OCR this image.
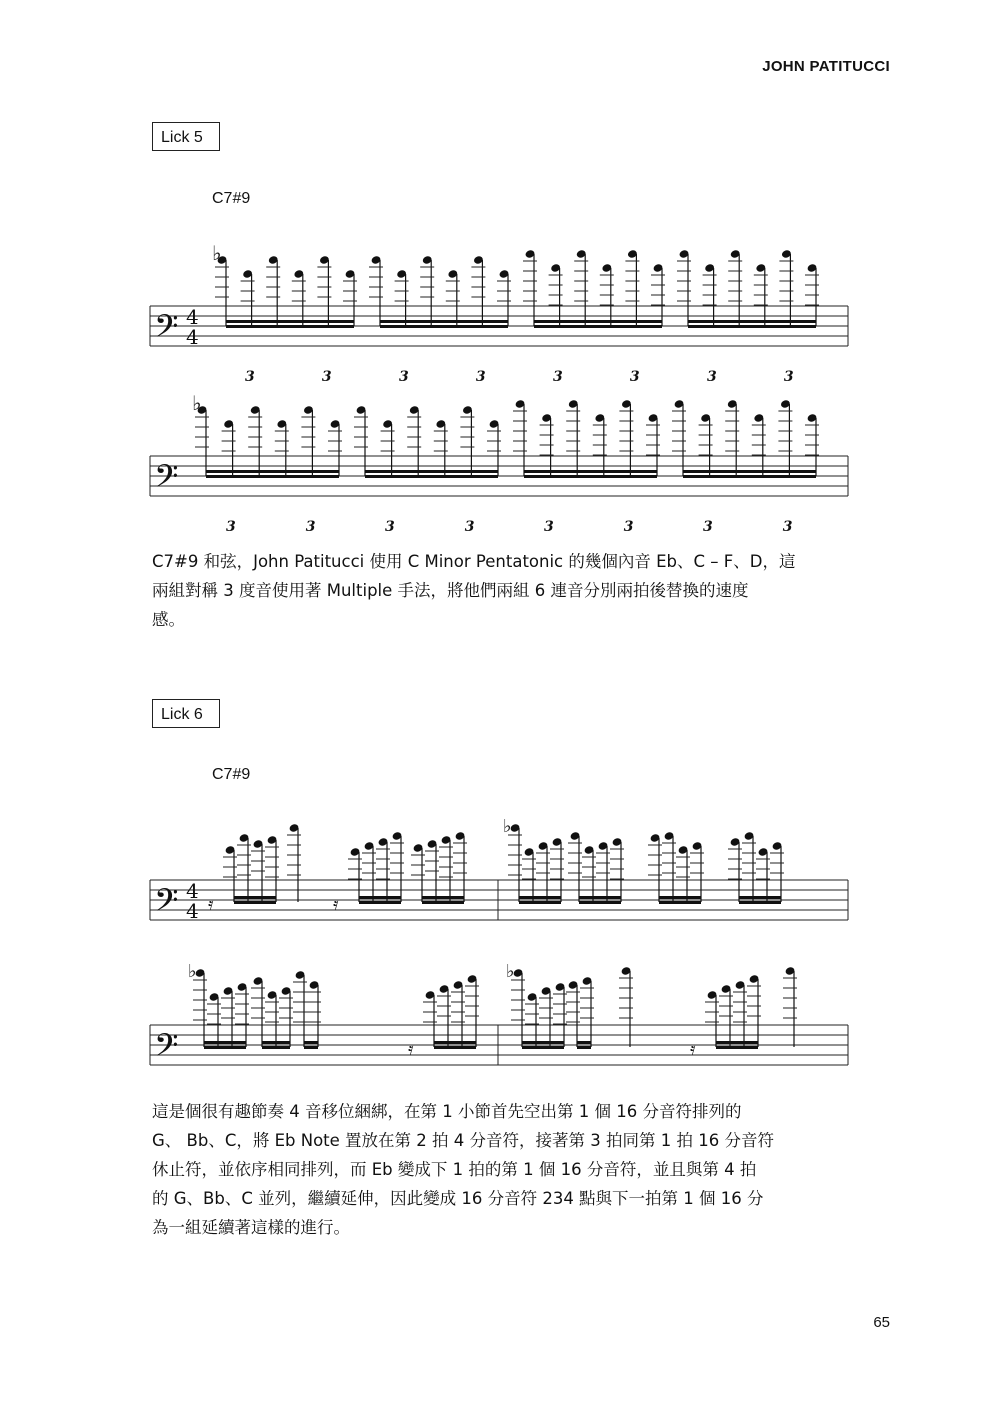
JOHN PATITUCCI
Lick 5
C7#9
𝄢 4
4
3	3
♭
3	3	3	3	3	3
𝄢
3	3
♭
3	3	3	3	3	3
C7#9 和弦，John Patitucci 使用 C Minor Pentatonic 的幾個內音 Eb、C – F、D，這
兩組對稱 3 度音使用著 Multiple 手法，將他們兩組 6 連音分別兩拍後替換的速度
感。
Lick 6
C7#9
𝄢 4
4 𝄿	𝄿
♭
𝄢
♭
𝄿
♭
𝄿
這是個很有趣節奏 4 音移位綑綁，在第 1 小節首先空出第 1 個 16 分音符排列的
G、 Bb、C，將 Eb Note 置放在第 2 拍 4 分音符，接著第 3 拍同第 1 拍 16 分音符
休止符，並依序相同排列，而 Eb 變成下 1 拍的第 1 個 16 分音符，並且與第 4 拍
的 G、Bb、C 並列，繼續延伸，因此變成 16 分音符 234 點與下一拍第 1 個 16 分
為一組延續著這樣的進行。
65
